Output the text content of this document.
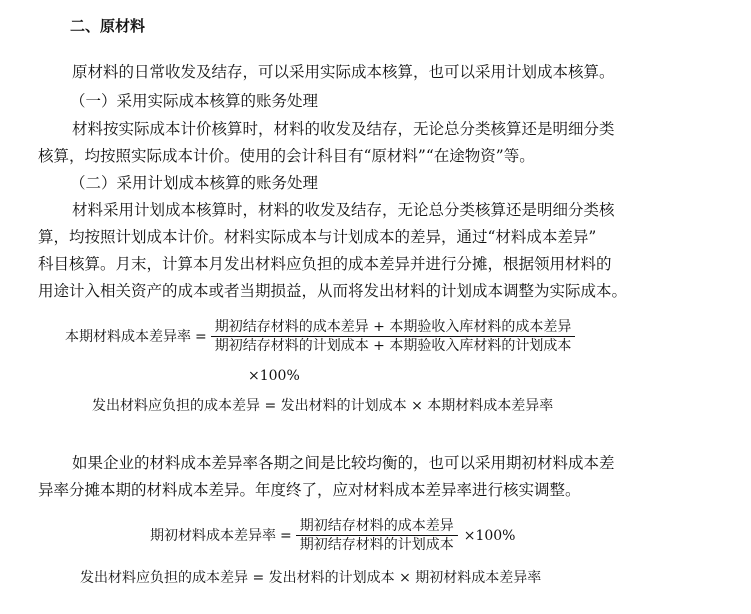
二、原材料
原材料的日常收发及结存，可以采用实际成本核算，也可以采用计划成本核算。
（一）采用实际成本核算的账务处理
材料按实际成本计价核算时，材料的收发及结存，无论总分类核算还是明细分类
核算，均按照实际成本计价。使用的会计科目有“原材料”“在途物资”等。
（二）采用计划成本核算的账务处理
材料采用计划成本核算时，材料的收发及结存，无论总分类核算还是明细分类核
算，均按照计划成本计价。材料实际成本与计划成本的差异，通过“材料成本差异”
科目核算。月末，计算本月发出材料应负担的成本差异并进行分摊，根据领用材料的
用途计入相关资产的成本或者当期损益，从而将发出材料的计划成本调整为实际成本。
本期材料成本差异率 = $\frac{\text{期初结存材料的成本差异 + 本期验收入库材料的成本差异}}{\text{期初结存材料的计划成本 + 本期验收入库材料的计划成本}}$
×100%
发出材料应负担的成本差异 = 发出材料的计划成本 × 本期材料成本差异率
如果企业的材料成本差异率各期之间是比较均衡的，也可以采用期初材料成本差
异率分摊本期的材料成本差异。年度终了，应对材料成本差异率进行核实调整。
期初材料成本差异率 = $\frac{\text{期初结存材料的成本差异}}{\text{期初结存材料的计划成本}} \times 100\%$
发出材料应负担的成本差异 = 发出材料的计划成本 × 期初材料成本差异率
